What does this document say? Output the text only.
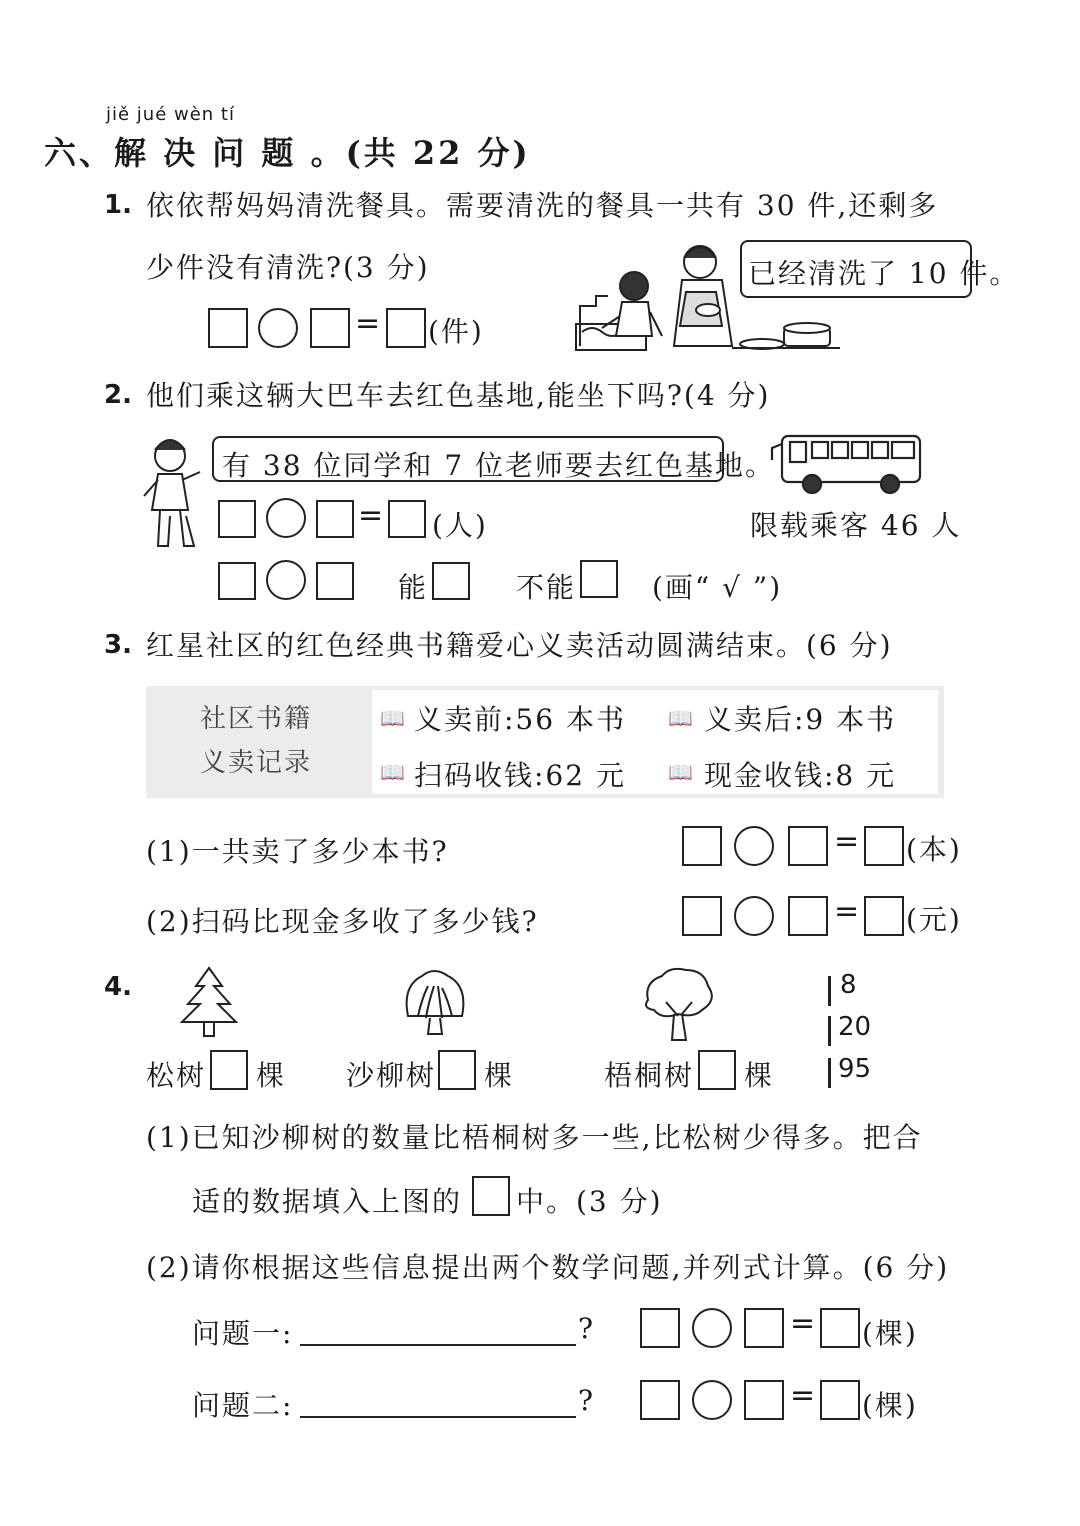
jiě jué wèn tí
六、解 决 问 题 。(共 22 分)
1. 依依帮妈妈清洗餐具。需要清洗的餐具一共有 30 件,还剩多
少件没有清洗?(3 分)
= (件)
已经清洗了 10 件。
2. 他们乘这辆大巴车去红色基地,能坐下吗?(4 分)
有 38 位同学和 7 位老师要去红色基地。
限载乘客 46 人
= (人)
能	不能	(画“ √ ”)
3. 红星社区的红色经典书籍爱心义卖活动圆满结束。(6 分)
社区书籍
义卖记录
📖 义卖前:56 本书 📖 义卖后:9 本书
📖 扫码收钱:62 元 📖 现金收钱:8 元
(1)一共卖了多少本书?	= (本)
(2)扫码比现金多收了多少钱?	= (元)
4.
松树 棵 沙柳树 棵	梧桐树 棵
8
20
95
(1)已知沙柳树的数量比梧桐树多一些,比松树少得多。把合
适的数据填入上图的 中。(3 分)
(2)请你根据这些信息提出两个数学问题,并列式计算。(6 分)
问题一:	?	= (棵)
问题二:	?	= (棵)
